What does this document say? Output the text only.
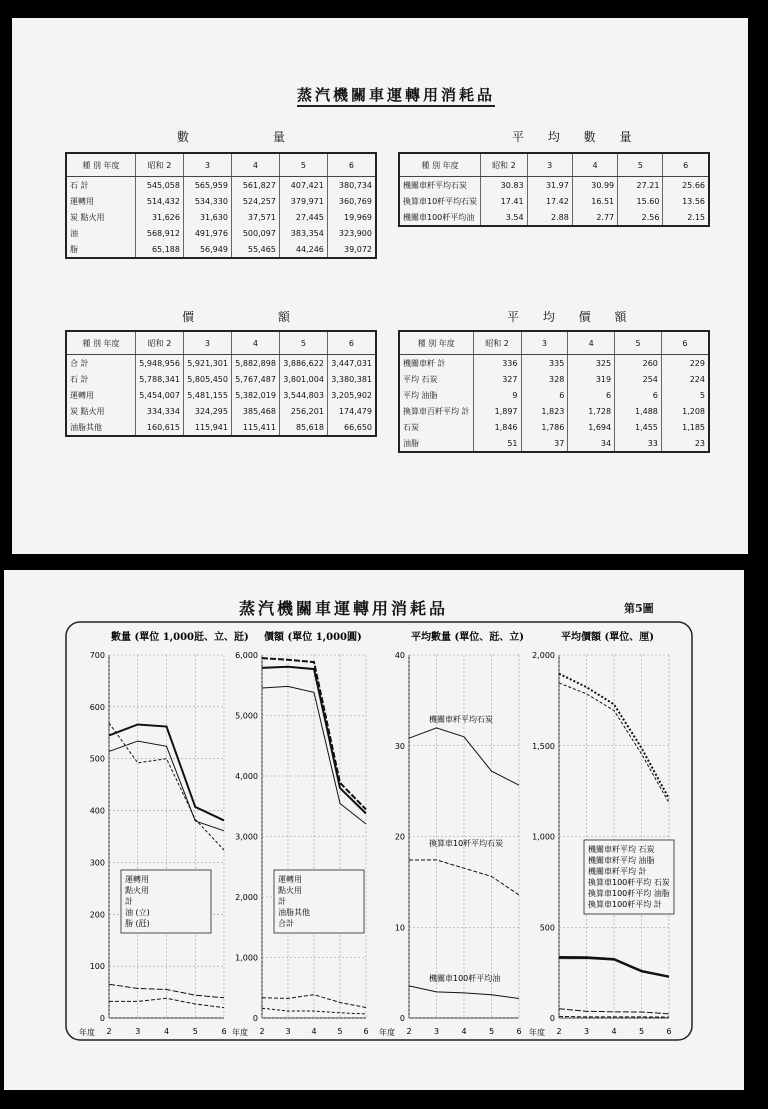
蒸汽機關車運轉用消耗品
數 量
種 別 年度	昭和 2	3	4	5	6
石 計	545,058	565,959	561,827	407,421	380,734
運轉用	514,432	534,330	524,257	379,971	360,769
炭 點火用	31,626	31,630	37,571	27,445	19,969
油	568,912	491,976	500,097	383,354	323,900
脂	65,188	56,949	55,465	44,246	39,072
平 均 數 量
種 別 年度	昭和 2	3	4	5	6
機關車粁平均石炭	30.83	31.97	30.99	27.21	25.66
換算車10粁平均石炭	17.41	17.42	16.51	15.60	13.56
機關車100粁平均油	3.54	2.88	2.77	2.56	2.15
價 額
種 別 年度	昭和 2	3	4	5	6
合 計	5,948,956	5,921,301	5,882,898	3,886,622	3,447,031
石 計	5,788,341	5,805,450	5,767,487	3,801,004	3,380,381
運轉用	5,454,007	5,481,155	5,382,019	3,544,803	3,205,902
炭 點火用	334,334	324,295	385,468	256,201	174,479
油脂其他	160,615	115,941	115,411	85,618	66,650
平 均 價 額
種 別 年度	昭和 2	3	4	5	6
機關車粁 計	336	335	325	260	229
平均 石炭	327	328	319	254	224
平均 油脂	9	6	6	6	5
換算車百粁平均 計	1,897	1,823	1,728	1,488	1,208
石炭	1,846	1,786	1,694	1,455	1,185
油脂	51	37	34	33	23
蒸汽機關車運轉用消耗品	第5圖
數量 (單位 1,000瓩、立、瓩)
0
100
200
300
400
500
600
700
2	3	4	5	6
年度
運轉用
點火用
計
油 (立)
脂 (瓩)
價額 (單位 1,000圓)
0
1,000
2,000
3,000
4,000
5,000
6,000
2	3	4	5	6
年度
運轉用
點火用
計
油脂其他
合計
平均數量 (單位、瓩、立)
0
10
20
30
40
2	3	4	5	6
年度
機關車粁平均石炭
換算車10粁平均石炭
機關車100粁平均油
平均價額 (單位、厘)
0
500
1,000
1,500
2,000
2	3	4	5	6
年度
機關車粁平均 石炭
機關車粁平均 油脂
機關車粁平均 計
換算車100粁平均 石炭
換算車100粁平均 油脂
換算車100粁平均 計
